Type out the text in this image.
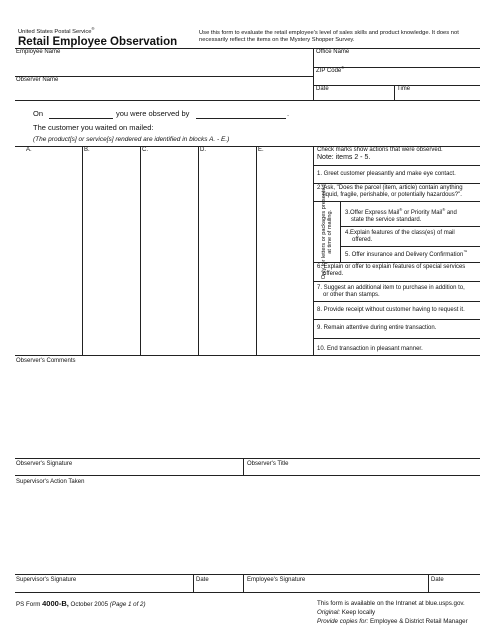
United States Postal Service®
Retail Employee Observation
Use this form to evaluate the retail employee's level of sales skills and product knowledge. It does not necessarily reflect the items on the Mystery Shopper Survey.
Employee Name	Office Name
ZIP Code®
Observer Name
Date	Time
On	you were observed by	.
The customer you waited on mailed:
(The product[s] or service[s] rendered are identified in blocks A. - E.)
A.	B.	C.	D.	E.	Check marks show actions that were observed.
Note: items 2 - 5.
1. Greet customer pleasantly and make eye contact.
2. Ask, "Does the parcel (item, article) contain anything
liquid, fragile, perishable, or potentially hazardous?".
Only for letters or packages presented at time of mailing. 3.Offer Express Mail® or Priority Mail® and
state the service standard.
4.Explain features of the class(es) of mail
offered.
5. Offer insurance and Delivery Confirmation™
6. Explain or offer to explain features of special services
offered.
7. Suggest an additional item to purchase in addition to,
or other than stamps.
8. Provide receipt without customer having to request it.
9. Remain attentive during entire transaction.
10. End transaction in pleasant manner.
Observer's Comments
Observer's Signature	Observer's Title
Supervisor's Action Taken
Supervisor's Signature	Date	Employee's Signature	Date
PS Form 4000-B, October 2005 (Page 1 of 2)	This form is available on the Intranet at blue.usps.gov.
Original: Keep locally
Provide copies for: Employee & District Retail Manager
